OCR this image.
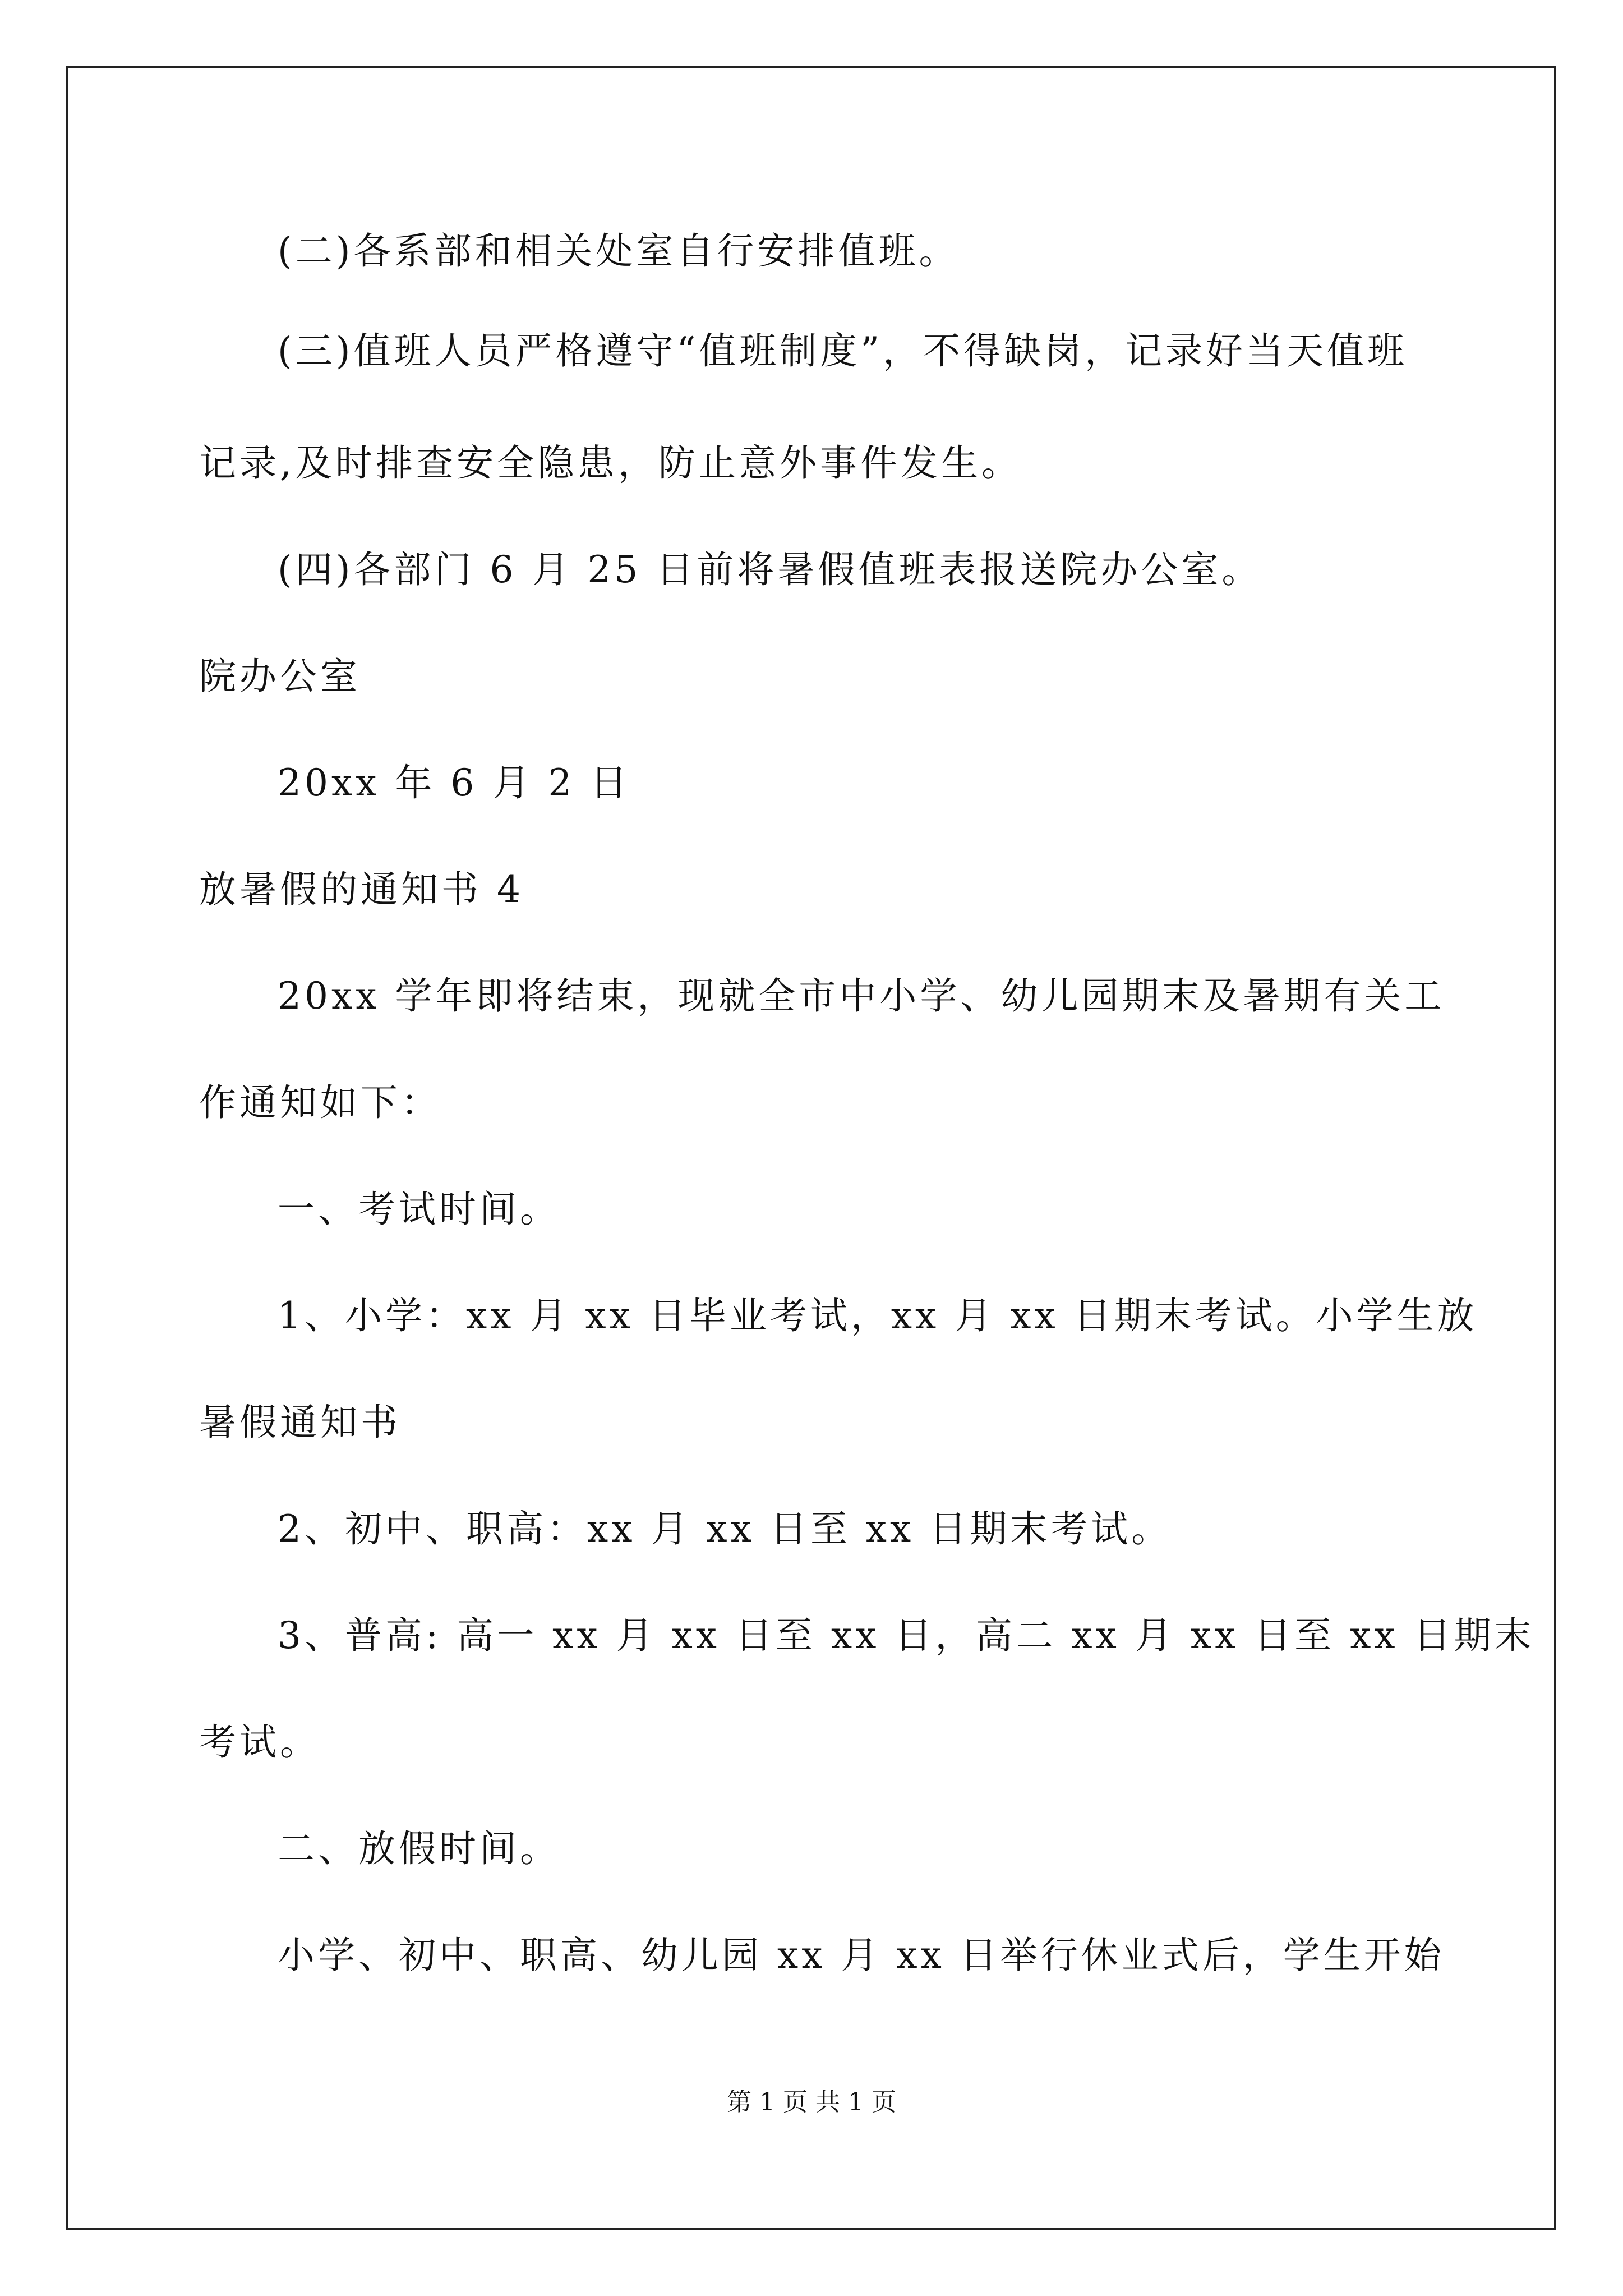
(二)各系部和相关处室自行安排值班。
(三)值班人员严格遵守“值班制度”，不得缺岗，记录好当天值班
记录,及时排查安全隐患，防止意外事件发生。
(四)各部门 6 月 25 日前将暑假值班表报送院办公室。
院办公室
20xx 年 6 月 2 日
放暑假的通知书 4
20xx 学年即将结束，现就全市中小学、幼儿园期末及暑期有关工
作通知如下：
一、考试时间。
1、小学：xx 月 xx 日毕业考试，xx 月 xx 日期末考试。小学生放
暑假通知书
2、初中、职高：xx 月 xx 日至 xx 日期末考试。
3、普高: 高一 xx 月 xx 日至 xx 日，高二 xx 月 xx 日至 xx 日期末
考试。
二、放假时间。
小学、初中、职高、幼儿园 xx 月 xx 日举行休业式后，学生开始
第 1 页 共 1 页
